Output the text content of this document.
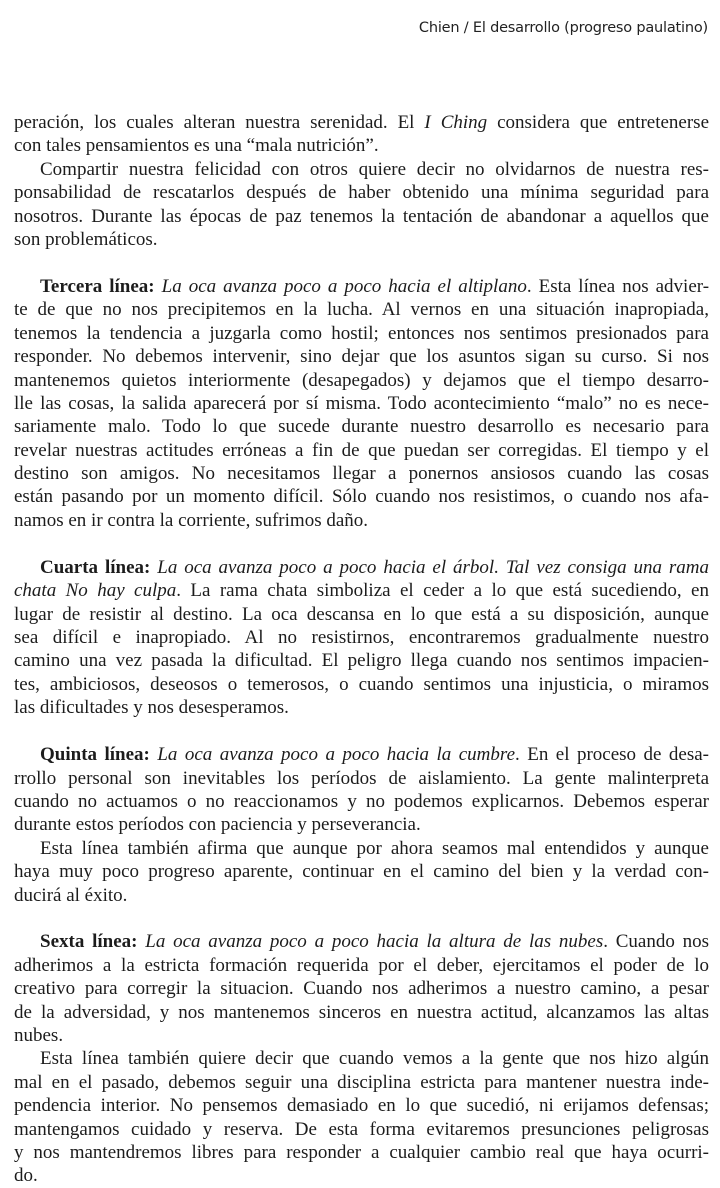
Chien / El desarrollo (progreso paulatino)
peración, los cuales alteran nuestra serenidad. El I Ching considera que entretenerse
con tales pensamientos es una “mala nutrición”.
Compartir nuestra felicidad con otros quiere decir no olvidarnos de nuestra res-
ponsabilidad de rescatarlos después de haber obtenido una mínima seguridad para
nosotros. Durante las épocas de paz tenemos la tentación de abandonar a aquellos que
son problemáticos.
Tercera línea: La oca avanza poco a poco hacia el altiplano. Esta línea nos advier-
te de que no nos precipitemos en la lucha. Al vernos en una situación inapropiada,
tenemos la tendencia a juzgarla como hostil; entonces nos sentimos presionados para
responder. No debemos intervenir, sino dejar que los asuntos sigan su curso. Si nos
mantenemos quietos interiormente (desapegados) y dejamos que el tiempo desarro-
lle las cosas, la salida aparecerá por sí misma. Todo acontecimiento “malo” no es nece-
sariamente malo. Todo lo que sucede durante nuestro desarrollo es necesario para
revelar nuestras actitudes erróneas a fin de que puedan ser corregidas. El tiempo y el
destino son amigos. No necesitamos llegar a ponernos ansiosos cuando las cosas
están pasando por un momento difícil. Sólo cuando nos resistimos, o cuando nos afa-
namos en ir contra la corriente, sufrimos daño.
Cuarta línea: La oca avanza poco a poco hacia el árbol. Tal vez consiga una rama
chata No hay culpa. La rama chata simboliza el ceder a lo que está sucediendo, en
lugar de resistir al destino. La oca descansa en lo que está a su disposición, aunque
sea difícil e inapropiado. Al no resistirnos, encontraremos gradualmente nuestro
camino una vez pasada la dificultad. El peligro llega cuando nos sentimos impacien-
tes, ambiciosos, deseosos o temerosos, o cuando sentimos una injusticia, o miramos
las dificultades y nos desesperamos.
Quinta línea: La oca avanza poco a poco hacia la cumbre. En el proceso de desa-
rrollo personal son inevitables los períodos de aislamiento. La gente malinterpreta
cuando no actuamos o no reaccionamos y no podemos explicarnos. Debemos esperar
durante estos períodos con paciencia y perseverancia.
Esta línea también afirma que aunque por ahora seamos mal entendidos y aunque
haya muy poco progreso aparente, continuar en el camino del bien y la verdad con-
ducirá al éxito.
Sexta línea: La oca avanza poco a poco hacia la altura de las nubes. Cuando nos
adherimos a la estricta formación requerida por el deber, ejercitamos el poder de lo
creativo para corregir la situacion. Cuando nos adherimos a nuestro camino, a pesar
de la adversidad, y nos mantenemos sinceros en nuestra actitud, alcanzamos las altas
nubes.
Esta línea también quiere decir que cuando vemos a la gente que nos hizo algún
mal en el pasado, debemos seguir una disciplina estricta para mantener nuestra inde-
pendencia interior. No pensemos demasiado en lo que sucedió, ni erijamos defensas;
mantengamos cuidado y reserva. De esta forma evitaremos presunciones peligrosas
y nos mantendremos libres para responder a cualquier cambio real que haya ocurri-
do.
